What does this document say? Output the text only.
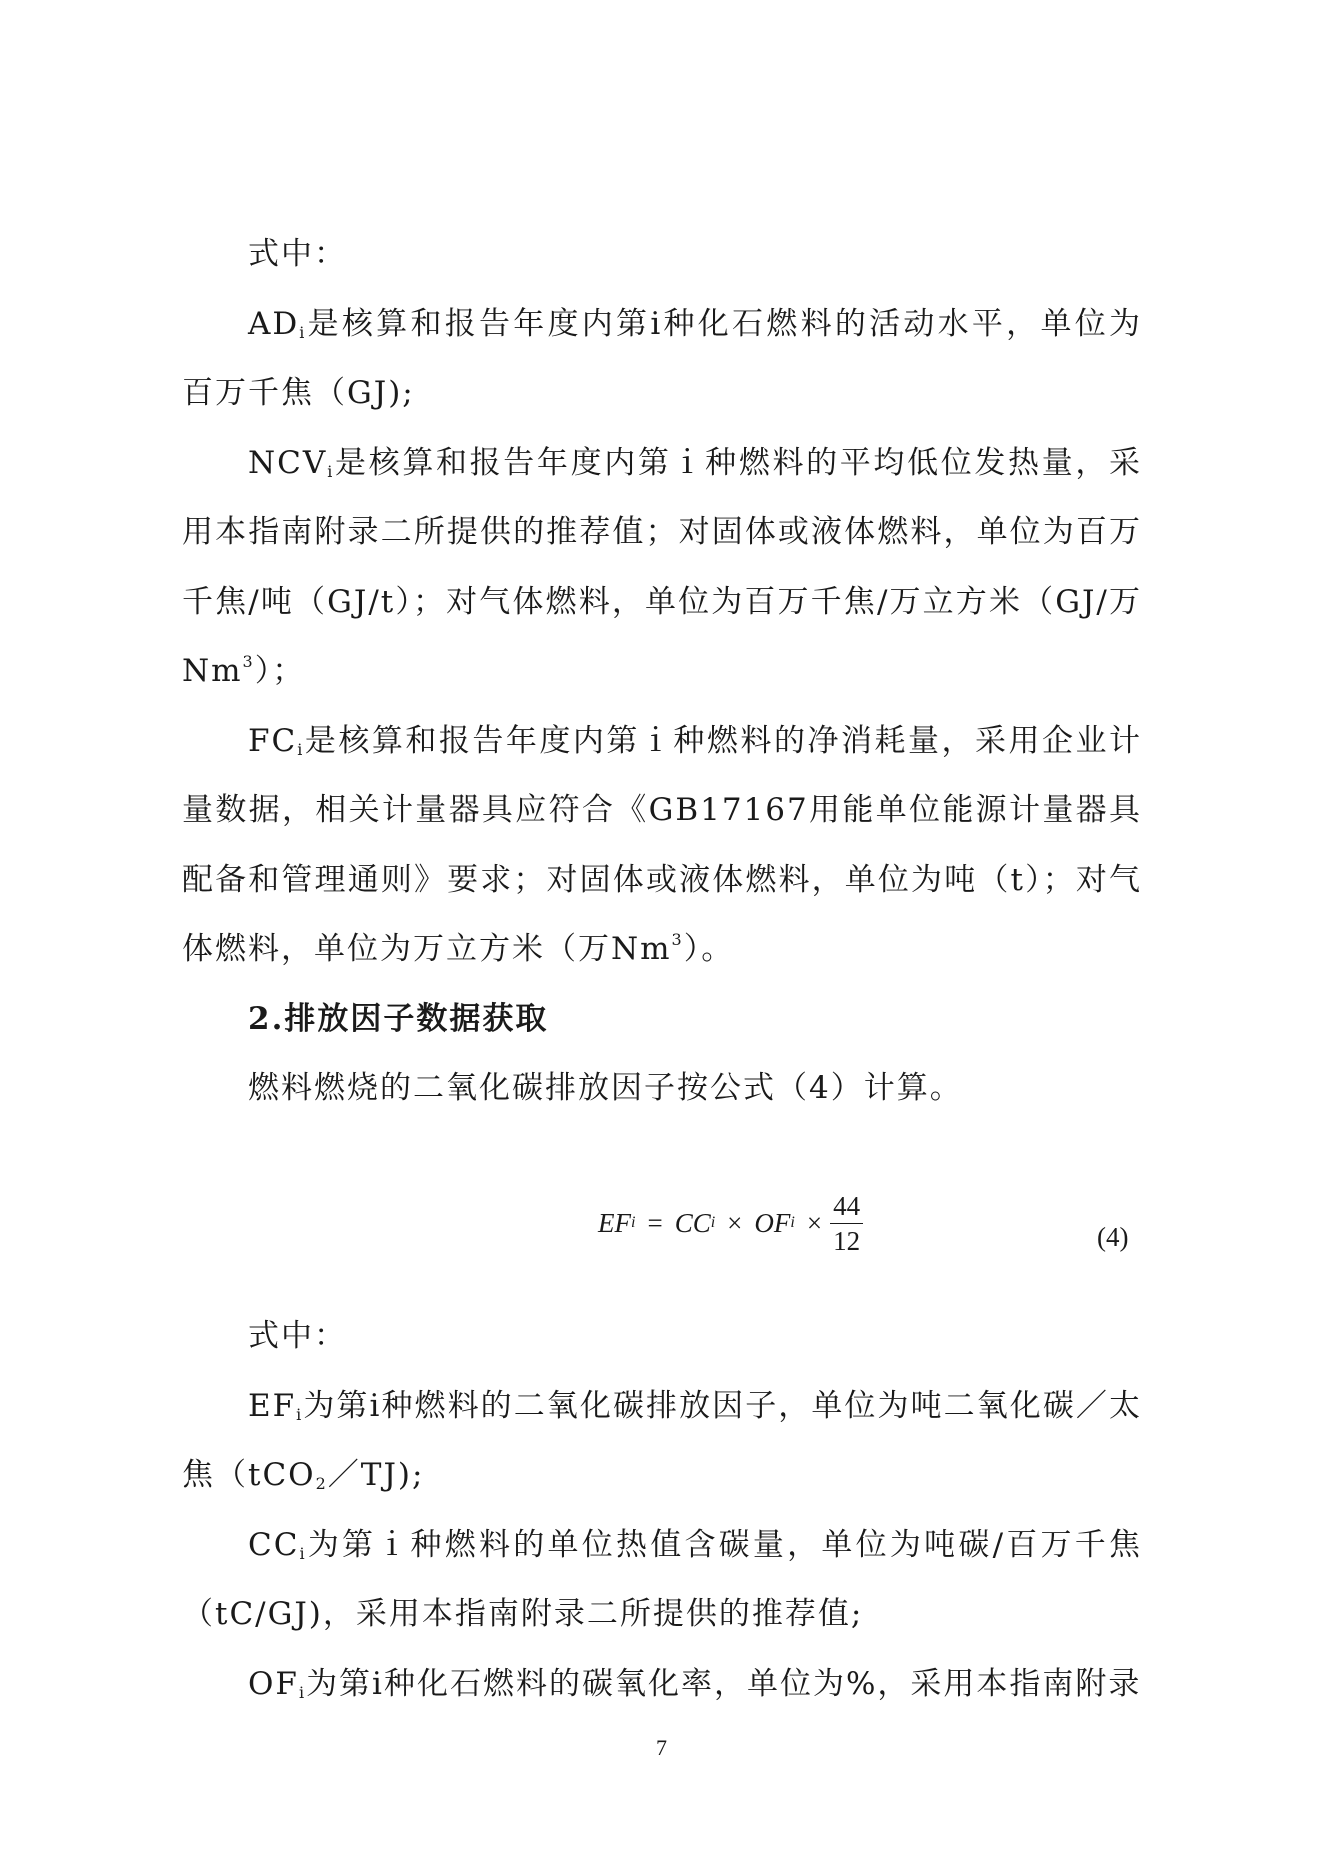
式中：

$AD_i$是核算和报告年度内第i种化石燃料的活动水平，单位为百万千焦（GJ);

$NCV_i$是核算和报告年度内第ｉ种燃料的平均低位发热量，采用本指南附录二所提供的推荐值；对固体或液体燃料，单位为百万千焦/吨（GJ/t）；对气体燃料，单位为百万千焦/万立方米（GJ/万Nm$^3$）；

$FC_i$是核算和报告年度内第ｉ种燃料的净消耗量，采用企业计量数据，相关计量器具应符合《GB17167用能单位能源计量器具配备和管理通则》要求；对固体或液体燃料，单位为吨（t）；对气体燃料，单位为万立方米（万Nm$^3$）。

2.排放因子数据获取

燃料燃烧的二氧化碳排放因子按公式（4）计算。

EF i = CC i × OF $i \times \frac{44}{12}$	(4)

式中：

$EF_i$为第i种燃料的二氧化碳排放因子，单位为吨二氧化碳／太焦（tCO$_2$／TJ);

$CC_i$为第ｉ种燃料的单位热值含碳量，单位为吨碳/百万千焦（tC/GJ)，采用本指南附录二所提供的推荐值;

$OF_i$为第i种化石燃料的碳氧化率，单位为%，采用本指南附录

7
